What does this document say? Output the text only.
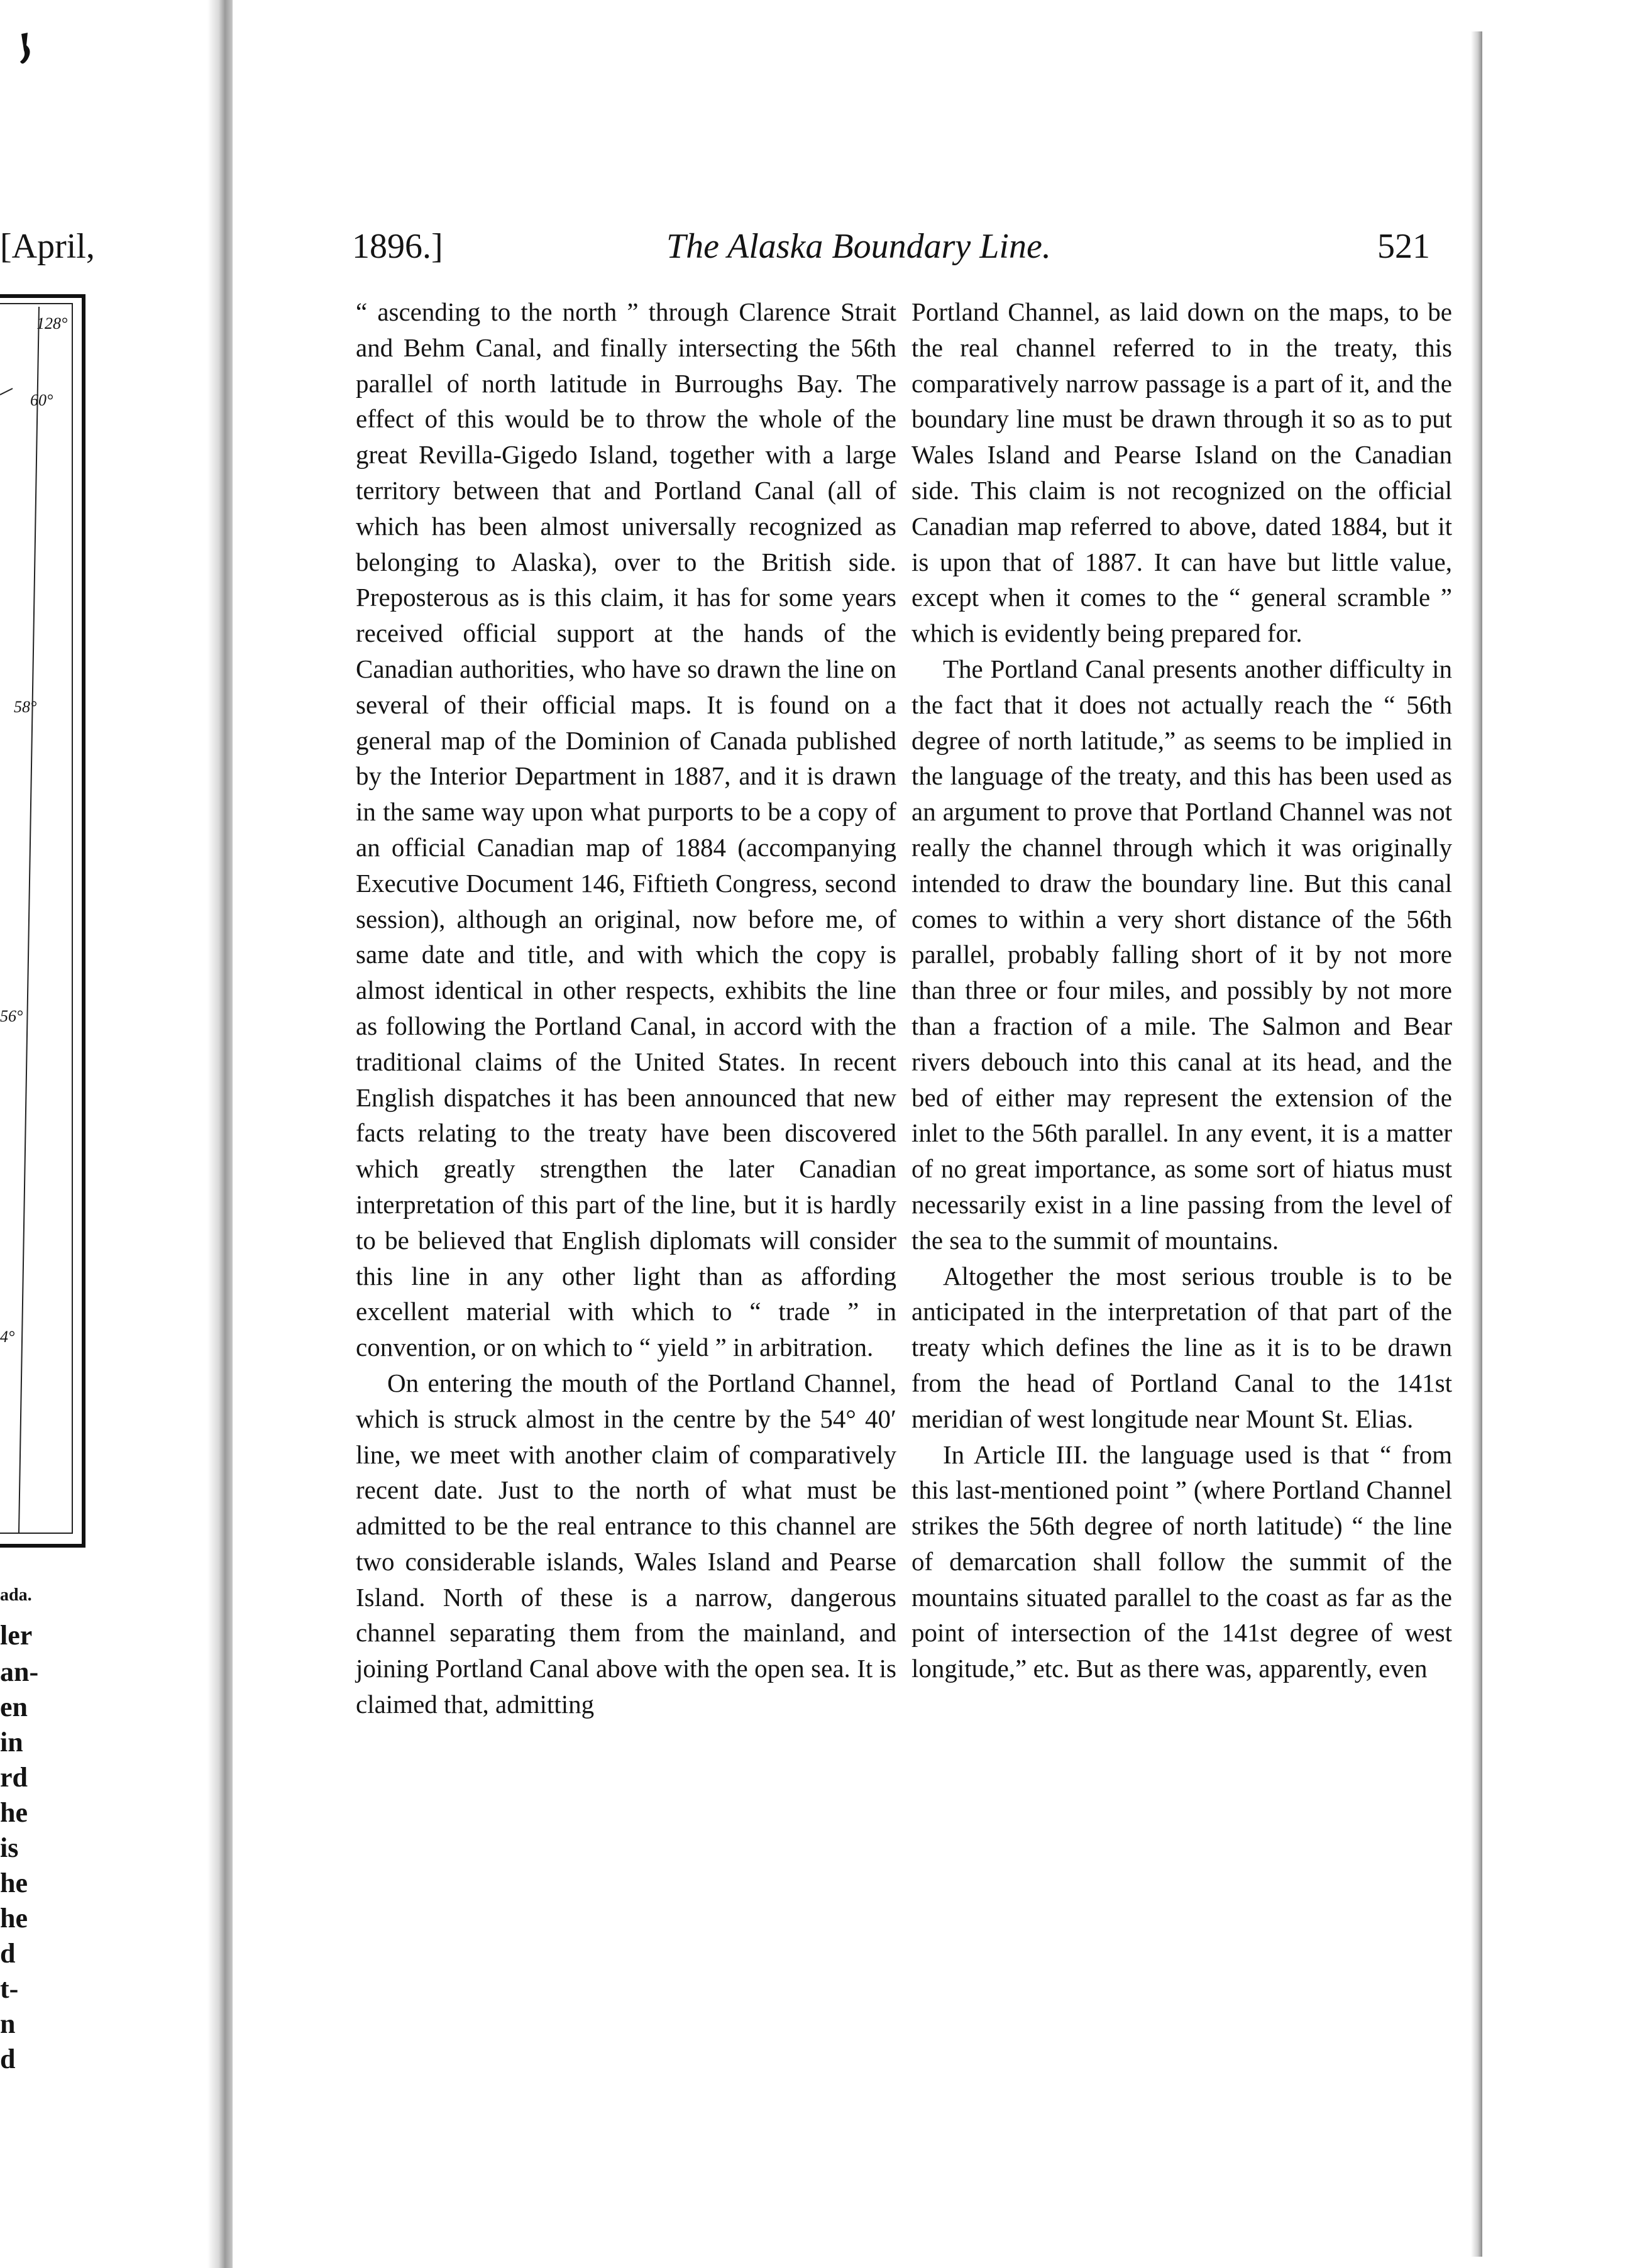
[April,
128°
60°
58°
56°
4°
ada.
ler
an-
en
in
rd
he
is
he
he
d
t-
n
d
1896.]	The Alaska Boundary Line.	521

“ ascending to the north ” through Clarence Strait and Behm Canal, and finally intersecting the 56th parallel of north latitude in Burroughs Bay. The effect of this would be to throw the whole of the great Revilla-Gigedo Island, together with a large territory between that and Portland Canal (all of which has been almost universally recognized as belonging to Alaska), over to the British side. Preposterous as is this claim, it has for some years received official support at the hands of the Canadian authorities, who have so drawn the line on several of their official maps. It is found on a general map of the Dominion of Canada published by the Interior Department in 1887, and it is drawn in the same way upon what purports to be a copy of an official Canadian map of 1884 (accompanying Executive Document 146, Fiftieth Congress, second session), although an original, now before me, of same date and title, and with which the copy is almost identical in other respects, exhibits the line as following the Portland Canal, in accord with the traditional claims of the United States. In recent English dispatches it has been announced that new facts relating to the treaty have been discovered which greatly strengthen the later Canadian interpretation of this part of the line, but it is hardly to be believed that English diplomats will consider this line in any other light than as affording excellent material with which to “ trade ” in convention, or on which to “ yield ” in arbitration.

On entering the mouth of the Portland Channel, which is struck almost in the centre by the 54° 40′ line, we meet with another claim of comparatively recent date. Just to the north of what must be admitted to be the real entrance to this channel are two considerable islands, Wales Island and Pearse Island. North of these is a narrow, dangerous channel separating them from the mainland, and joining Portland Canal above with the open sea. It is claimed that, admitting

Portland Channel, as laid down on the maps, to be the real channel referred to in the treaty, this comparatively narrow passage is a part of it, and the boundary line must be drawn through it so as to put Wales Island and Pearse Island on the Canadian side. This claim is not recognized on the official Canadian map referred to above, dated 1884, but it is upon that of 1887. It can have but little value, except when it comes to the “ general scramble ” which is evidently being prepared for.

The Portland Canal presents another difficulty in the fact that it does not actually reach the “ 56th degree of north latitude,” as seems to be implied in the language of the treaty, and this has been used as an argument to prove that Portland Channel was not really the channel through which it was originally intended to draw the boundary line. But this canal comes to within a very short distance of the 56th parallel, probably falling short of it by not more than three or four miles, and possibly by not more than a fraction of a mile. The Salmon and Bear rivers debouch into this canal at its head, and the bed of either may represent the extension of the inlet to the 56th parallel. In any event, it is a matter of no great importance, as some sort of hiatus must necessarily exist in a line passing from the level of the sea to the summit of mountains.

Altogether the most serious trouble is to be anticipated in the interpretation of that part of the treaty which defines the line as it is to be drawn from the head of Portland Canal to the 141st meridian of west longitude near Mount St. Elias.

In Article III. the language used is that “ from this last-mentioned point ” (where Portland Channel strikes the 56th degree of north latitude) “ the line of demarcation shall follow the summit of the mountains situated parallel to the coast as far as the point of intersection of the 141st degree of west longitude,” etc. But as there was, apparently, even
